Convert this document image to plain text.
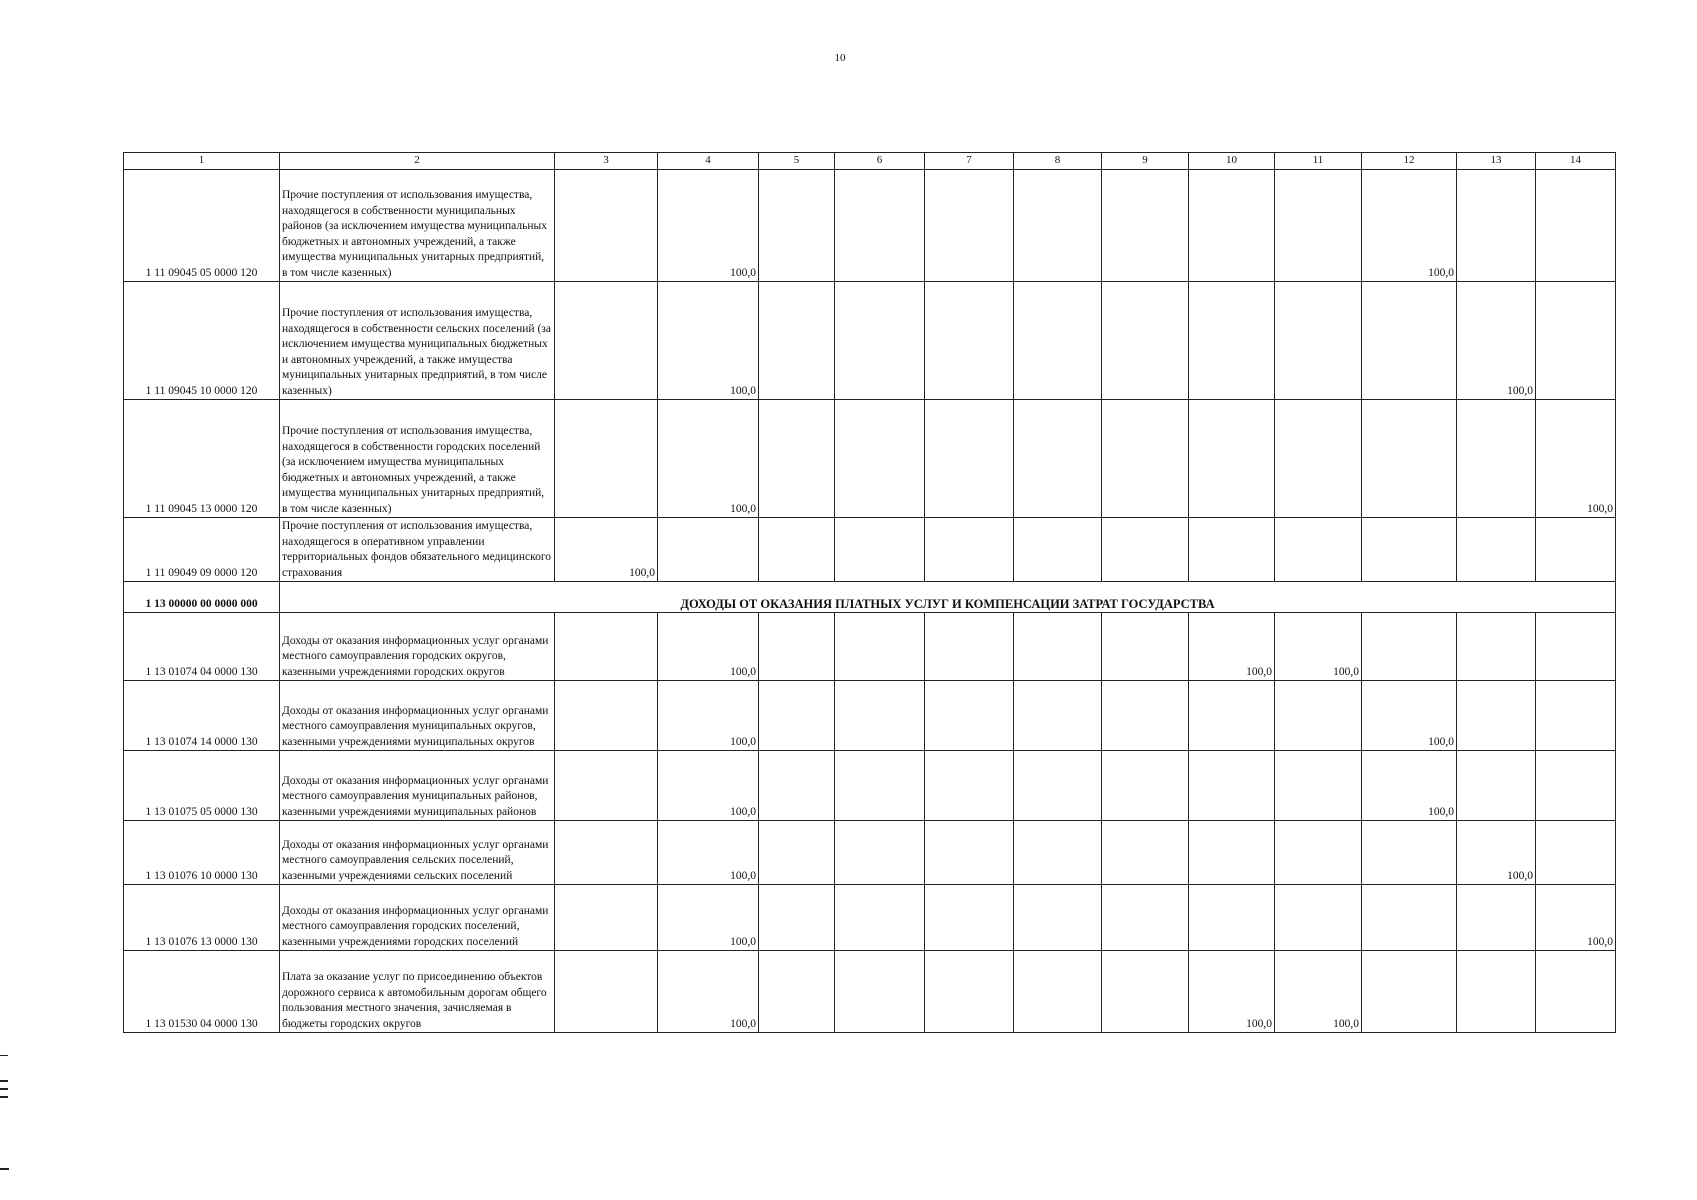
10
1	2	3	4	5	6	7	8	9	10	11	12	13	14
1 11 09045 05 0000 120	Прочие поступления от использования имущества, находящегося в собственности муниципальных районов (за исключением имущества муниципальных бюджетных и автономных учреждений, а также имущества муниципальных унитарных предприятий, в том числе казенных)		100,0								100,0		
1 11 09045 10 0000 120	Прочие поступления от использования имущества, находящегося в собственности сельских поселений (за исключением имущества муниципальных бюджетных и автономных учреждений, а также имущества муниципальных унитарных предприятий, в том числе казенных)		100,0									100,0	
1 11 09045 13 0000 120	Прочие поступления от использования имущества, находящегося в собственности городских поселений (за исключением имущества муниципальных бюджетных и автономных учреждений, а также имущества муниципальных унитарных предприятий, в том числе казенных)		100,0										100,0
1 11 09049 09 0000 120	Прочие поступления от использования имущества, находящегося в оперативном управлении территориальных фондов обязательного медицинского страхования	100,0											
1 13 00000 00 0000 000	ДОХОДЫ ОТ ОКАЗАНИЯ ПЛАТНЫХ УСЛУГ И КОМПЕНСАЦИИ ЗАТРАТ ГОСУДАРСТВА												
1 13 01074 04 0000 130	Доходы от оказания информационных услуг органами местного самоуправления городских округов, казенными учреждениями городских округов		100,0						100,0	100,0			
1 13 01074 14 0000 130	Доходы от оказания информационных услуг органами местного самоуправления муниципальных округов, казенными учреждениями муниципальных округов		100,0								100,0		
1 13 01075 05 0000 130	Доходы от оказания информационных услуг органами местного самоуправления муниципальных районов, казенными учреждениями муниципальных районов		100,0								100,0		
1 13 01076 10 0000 130	Доходы от оказания информационных услуг органами местного самоуправления сельских поселений, казенными учреждениями сельских поселений		100,0									100,0	
1 13 01076 13 0000 130	Доходы от оказания информационных услуг органами местного самоуправления городских поселений, казенными учреждениями городских поселений		100,0										100,0
1 13 01530 04 0000 130	Плата за оказание услуг по присоединению объектов дорожного сервиса к автомобильным дорогам общего пользования местного значения, зачисляемая в бюджеты городских округов		100,0						100,0	100,0			
